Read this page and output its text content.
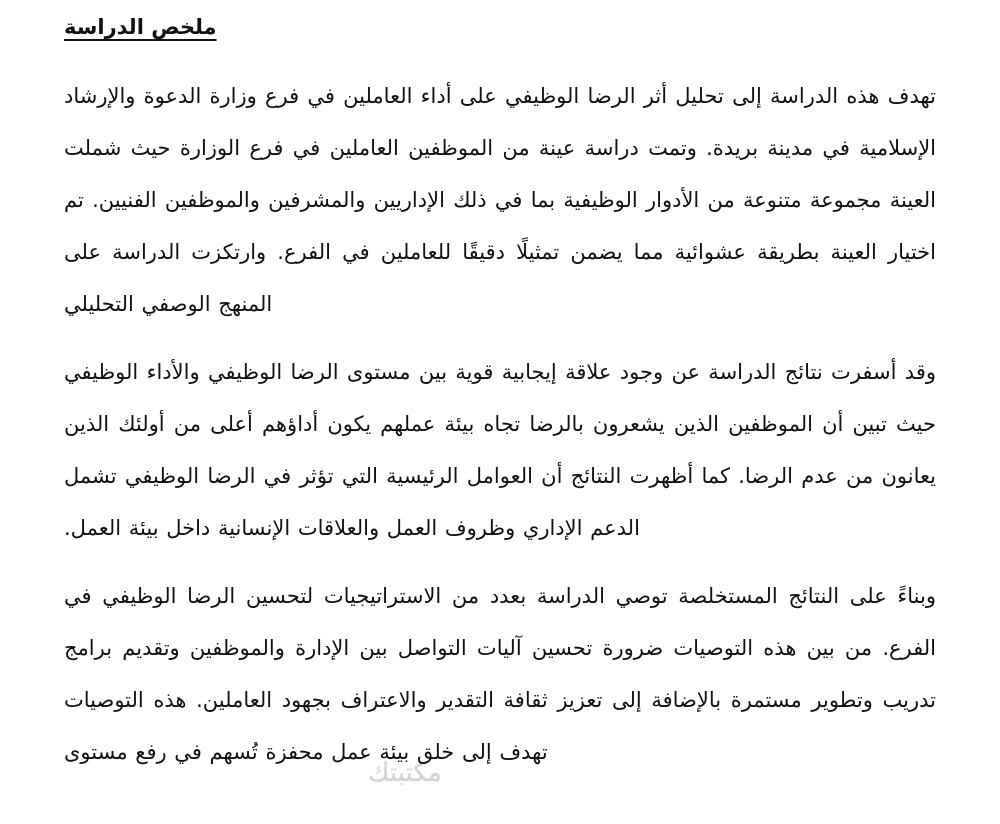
مكتبتك
ملخص الدراسة

تهدف هذه الدراسة إلى تحليل أثر الرضا الوظيفي على أداء العاملين في فرع وزارة الدعوة والإرشاد الإسلامية في مدينة بريدة. وتمت دراسة عينة من الموظفين العاملين في فرع الوزارة حيث شملت العينة مجموعة متنوعة من الأدوار الوظيفية بما في ذلك الإداريين والمشرفين والموظفين الفنيين. تم اختيار العينة بطريقة عشوائية مما يضمن تمثيلًا دقيقًا للعاملين في الفرع. وارتكزت الدراسة على المنهج الوصفي التحليلي

وقد أسفرت نتائج الدراسة عن وجود علاقة إيجابية قوية بين مستوى الرضا الوظيفي والأداء الوظيفي حيث تبين أن الموظفين الذين يشعرون بالرضا تجاه بيئة عملهم يكون أداؤهم أعلى من أولئك الذين يعانون من عدم الرضا. كما أظهرت النتائج أن العوامل الرئيسية التي تؤثر في الرضا الوظيفي تشمل الدعم الإداري وظروف العمل والعلاقات الإنسانية داخل بيئة العمل.

وبناءً على النتائج المستخلصة توصي الدراسة بعدد من الاستراتيجيات لتحسين الرضا الوظيفي في الفرع. من بين هذه التوصيات ضرورة تحسين آليات التواصل بين الإدارة والموظفين وتقديم برامج تدريب وتطوير مستمرة بالإضافة إلى تعزيز ثقافة التقدير والاعتراف بجهود العاملين. هذه التوصيات تهدف إلى خلق بيئة عمل محفزة تُسهم في رفع مستوى
